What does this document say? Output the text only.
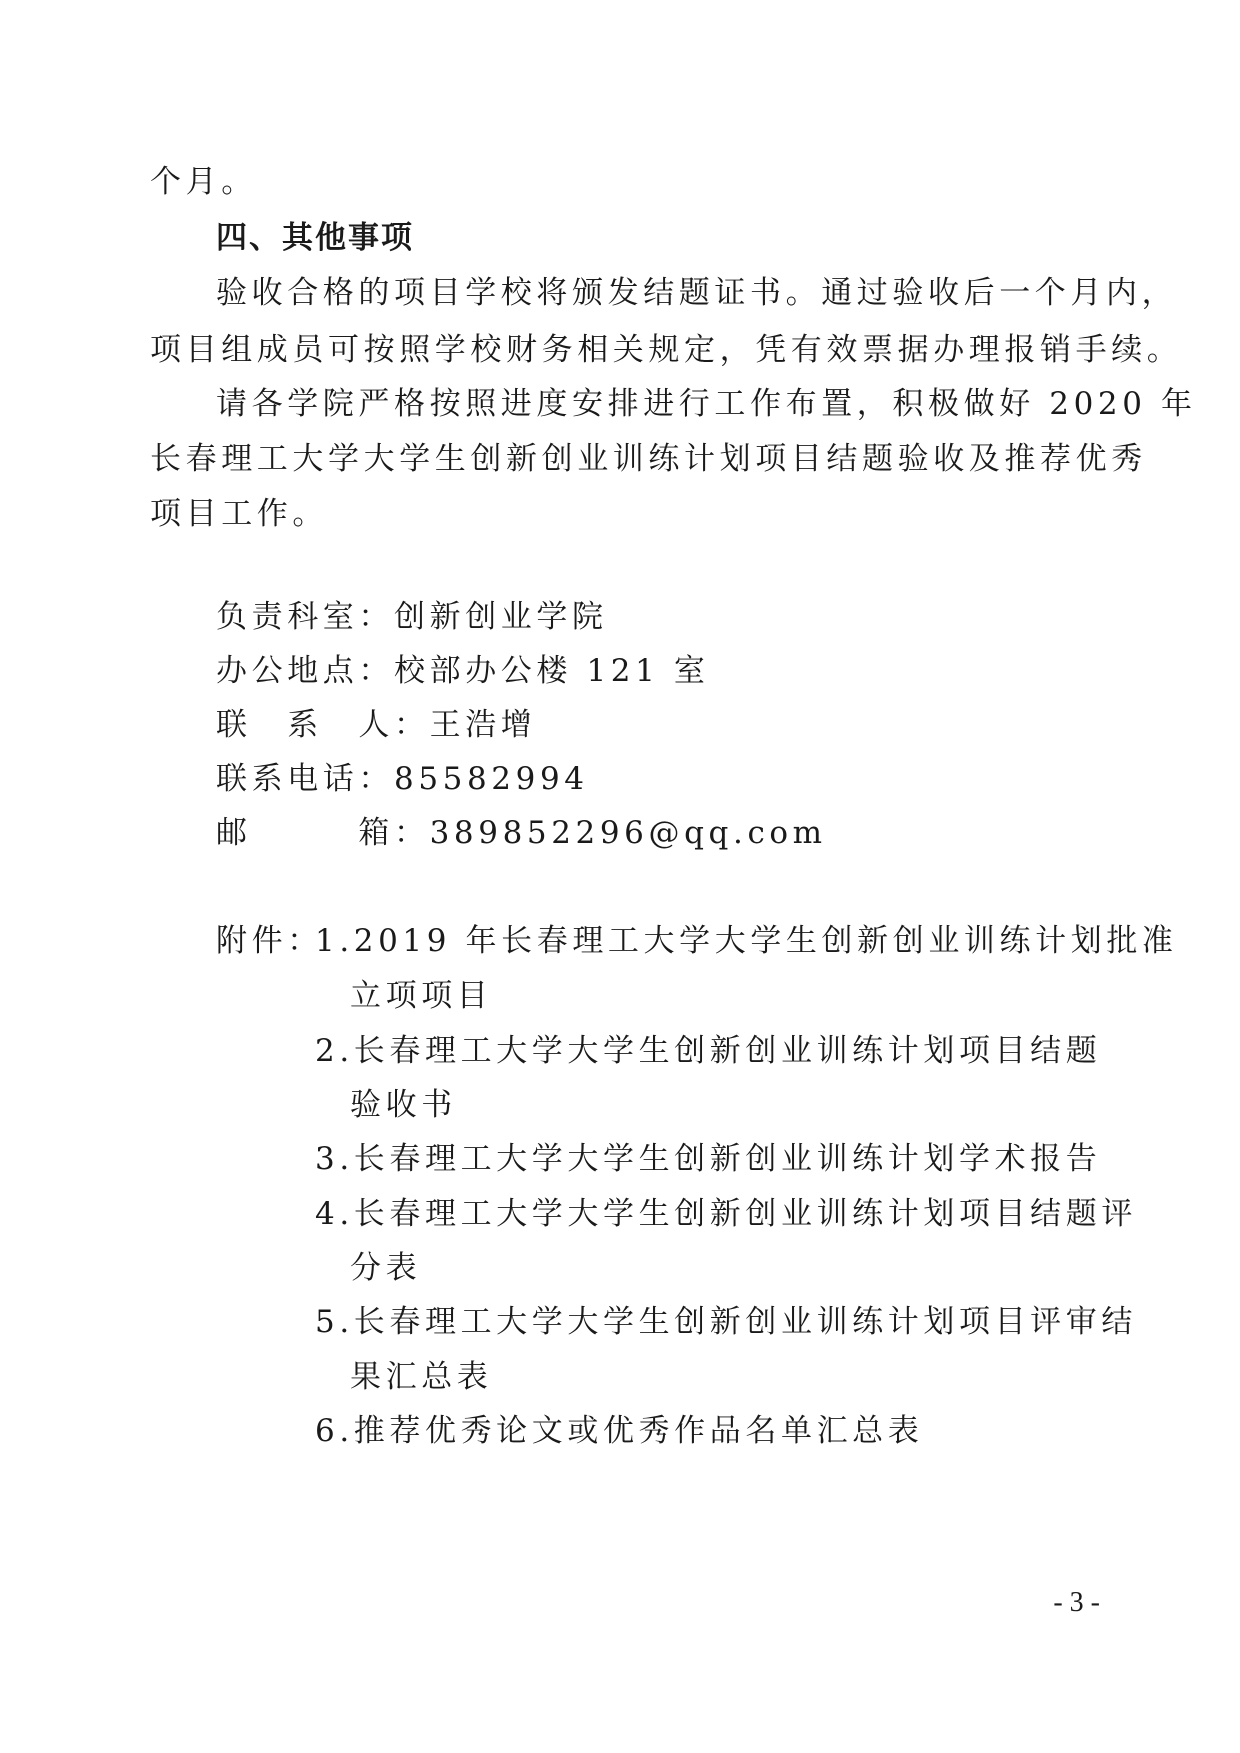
个月。
四、其他事项
验收合格的项目学校将颁发结题证书。通过验收后一个月内，
项目组成员可按照学校财务相关规定，凭有效票据办理报销手续。
请各学院严格按照进度安排进行工作布置，积极做好 2020 年
长春理工大学大学生创新创业训练计划项目结题验收及推荐优秀
项目工作。
负责科室：创新创业学院
办公地点：校部办公楼 121 室
联　系　人：王浩增
联系电话：85582994
邮　　　箱：389852296@qq.com
附件：
1.2019 年长春理工大学大学生创新创业训练计划批准
立项项目
2.长春理工大学大学生创新创业训练计划项目结题
验收书
3.长春理工大学大学生创新创业训练计划学术报告
4.长春理工大学大学生创新创业训练计划项目结题评
分表
5.长春理工大学大学生创新创业训练计划项目评审结
果汇总表
6.推荐优秀论文或优秀作品名单汇总表
- 3 -
